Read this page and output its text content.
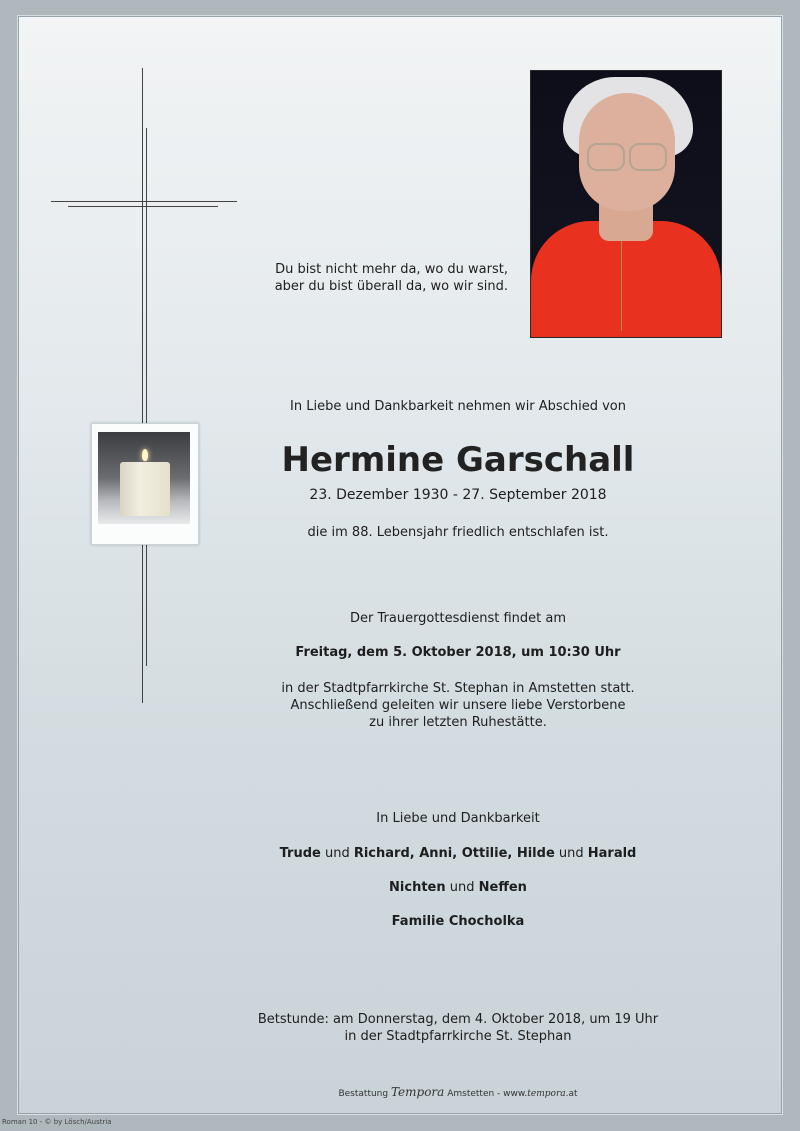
Du bist nicht mehr da, wo du warst,
aber du bist überall da, wo wir sind.
In Liebe und Dankbarkeit nehmen wir Abschied von
Hermine Garschall
23. Dezember 1930 - 27. September 2018
die im 88. Lebensjahr friedlich entschlafen ist.
Der Trauergottesdienst findet am
Freitag, dem 5. Oktober 2018, um 10:30 Uhr
in der Stadtpfarrkirche St. Stephan in Amstetten statt.
Anschließend geleiten wir unsere liebe Verstorbene
zu ihrer letzten Ruhestätte.
In Liebe und Dankbarkeit
Trude und Richard, Anni, Ottilie, Hilde und Harald
Nichten und Neffen
Familie Chocholka
Betstunde: am Donnerstag, dem 4. Oktober 2018, um 19 Uhr
in der Stadtpfarrkirche St. Stephan
Bestattung Tempora Amstetten - www.tempora.at
Roman 10 - © by Lösch/Austria
